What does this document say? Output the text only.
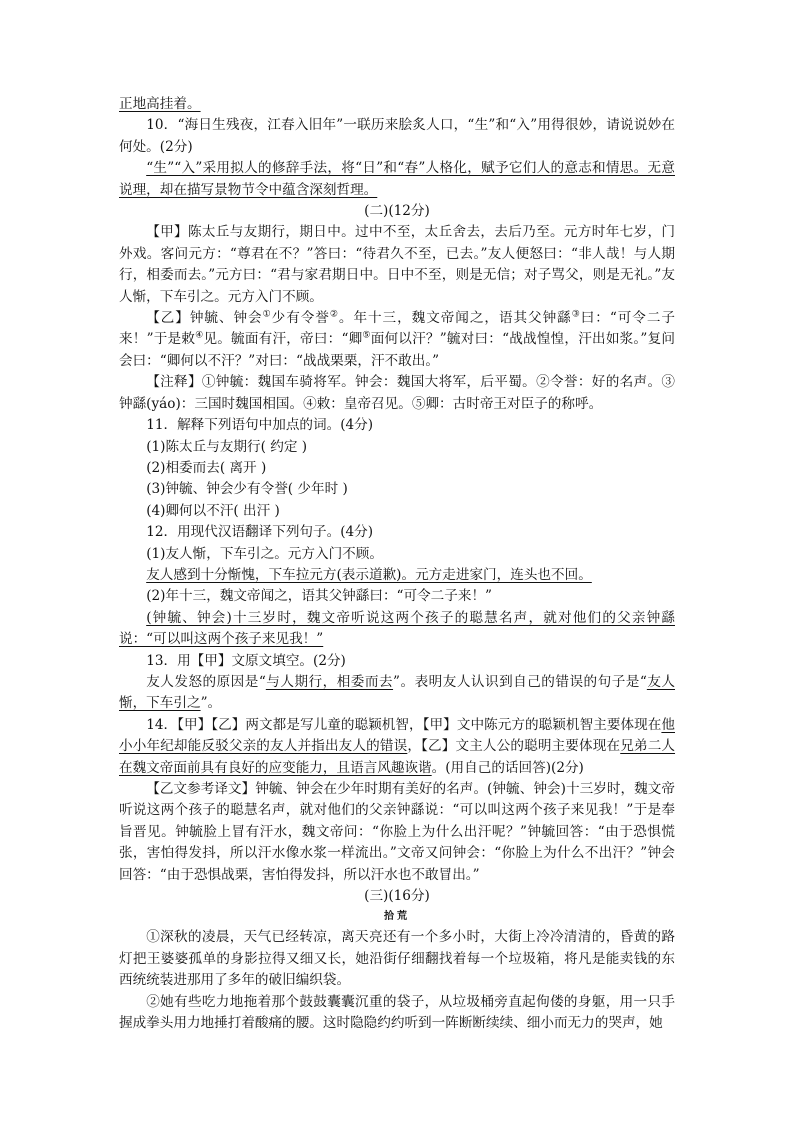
正地高挂着。

10．“海日生残夜，江春入旧年”一联历来脍炙人口，“生”和“入”用得很妙，请说说妙在何处。(2分)

“生”“入”采用拟人的修辞手法，将“日”和“春”人格化，赋予它们人的意志和情思。无意说理，却在描写景物节令中蕴含深刻哲理。

(二)(12分)

【甲】陈太丘与友期行，期日中。过中不至，太丘舍去，去后乃至。元方时年七岁，门外戏。客问元方：“尊君在不？”答曰：“待君久不至，已去。”友人便怒曰：“非人哉！与人期行，相委而去。”元方曰：“君与家君期日中。日中不至，则是无信；对子骂父，则是无礼。”友人惭，下车引之。元方入门不顾。

【乙】钟毓、钟会①少有令誉②。年十三，魏文帝闻之，语其父钟繇③曰：“可令二子来！”于是敕④见。毓面有汗，帝曰：“卿⑤面何以汗？”毓对曰：“战战惶惶，汗出如浆。”复问会曰：“卿何以不汗？”对曰：“战战栗栗，汗不敢出。”

【注释】①钟毓：魏国车骑将军。钟会：魏国大将军，后平蜀。②令誉：好的名声。③钟繇(yáo)：三国时魏国相国。④敕：皇帝召见。⑤卿：古时帝王对臣子的称呼。

11．解释下列语句中加点的词。(4分)

(1)陈太丘与友期行( 约定 )

(2)相委而去( 离开 )

(3)钟毓、钟会少有令誉( 少年时 )

(4)卿何以不汗( 出汗 )

12．用现代汉语翻译下列句子。(4分)

(1)友人惭，下车引之。元方入门不顾。

友人感到十分惭愧，下车拉元方(表示道歉)。元方走进家门，连头也不回。

(2)年十三，魏文帝闻之，语其父钟繇曰：“可令二子来！”

(钟毓、钟会)十三岁时，魏文帝听说这两个孩子的聪慧名声，就对他们的父亲钟繇说：“可以叫这两个孩子来见我！”

13．用【甲】文原文填空。(2分)

友人发怒的原因是“与人期行，相委而去”。表明友人认识到自己的错误的句子是“友人惭，下车引之”。

14．【甲】【乙】两文都是写儿童的聪颖机智，【甲】文中陈元方的聪颖机智主要体现在他小小年纪却能反驳父亲的友人并指出友人的错误，【乙】文主人公的聪明主要体现在兄弟二人在魏文帝面前具有良好的应变能力，且语言风趣诙谐。(用自己的话回答)(2分)

【乙文参考译文】钟毓、钟会在少年时期有美好的名声。(钟毓、钟会)十三岁时，魏文帝听说这两个孩子的聪慧名声，就对他们的父亲钟繇说：“可以叫这两个孩子来见我！”于是奉旨晋见。钟毓脸上冒有汗水，魏文帝问：“你脸上为什么出汗呢？”钟毓回答：“由于恐惧慌张，害怕得发抖，所以汗水像水浆一样流出。”文帝又问钟会：“你脸上为什么不出汗？”钟会回答：“由于恐惧战栗，害怕得发抖，所以汗水也不敢冒出。”

(三)(16分)

拾荒

①深秋的凌晨，天气已经转凉，离天亮还有一个多小时，大街上冷冷清清的，昏黄的路灯把王婆婆孤单的身影拉得又细又长，她沿街仔细翻找着每一个垃圾箱，将凡是能卖钱的东西统统装进那用了多年的破旧编织袋。

②她有些吃力地拖着那个鼓鼓囊囊沉重的袋子，从垃圾桶旁直起佝偻的身躯，用一只手握成拳头用力地捶打着酸痛的腰。这时隐隐约约听到一阵断断续续、细小而无力的哭声，她
